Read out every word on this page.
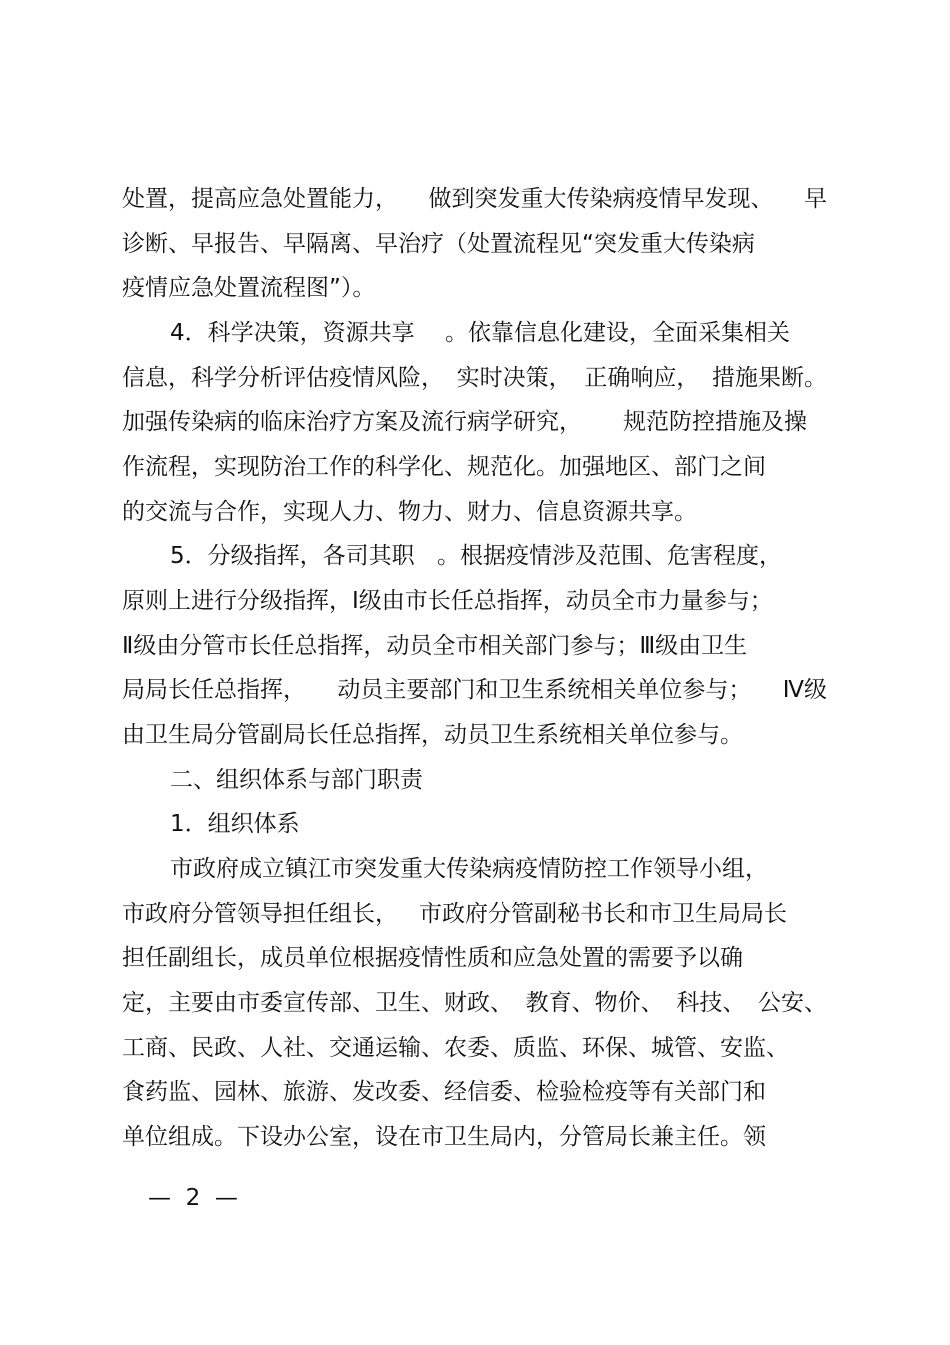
处置，提高应急处置能力， 做到突发重大传染病疫情早发现、 早
诊断、早报告、早隔离、早治疗（处置流程见“突发重大传染病
疫情应急处置流程图”）。
4．科学决策，资源共享 。依靠信息化建设，全面采集相关
信息，科学分析评估疫情风险， 实时决策， 正确响应， 措施果断。
加强传染病的临床治疗方案及流行病学研究， 规范防控措施及操
作流程，实现防治工作的科学化、规范化。加强地区、部门之间
的交流与合作，实现人力、物力、财力、信息资源共享。
5．分级指挥，各司其职 。根据疫情涉及范围、危害程度，
原则上进行分级指挥， Ⅰ级由市长任总指挥，动员全市力量参与；
Ⅱ级由分管市长任总指挥，动员全市相关部门参与；Ⅲ级由卫生
局局长任总指挥， 动员主要部门和卫生系统相关单位参与； Ⅳ级
由卫生局分管副局长任总指挥，动员卫生系统相关单位参与。
二、组织体系与部门职责
1．组织体系
市政府成立镇江市突发重大传染病疫情防控工作领导小组，
市政府分管领导担任组长， 市政府分管副秘书长和市卫生局局长
担任副组长，成员单位根据疫情性质和应急处置的需要予以确
定，主要由市委宣传部、卫生、财政、 教育、物价、 科技、 公安、
工商、民政、人社、交通运输、农委、质监、环保、城管、安监、
食药监、园林、旅游、发改委、经信委、检验检疫等有关部门和
单位组成。下设办公室，设在市卫生局内，分管局长兼主任。领
—  2  —
